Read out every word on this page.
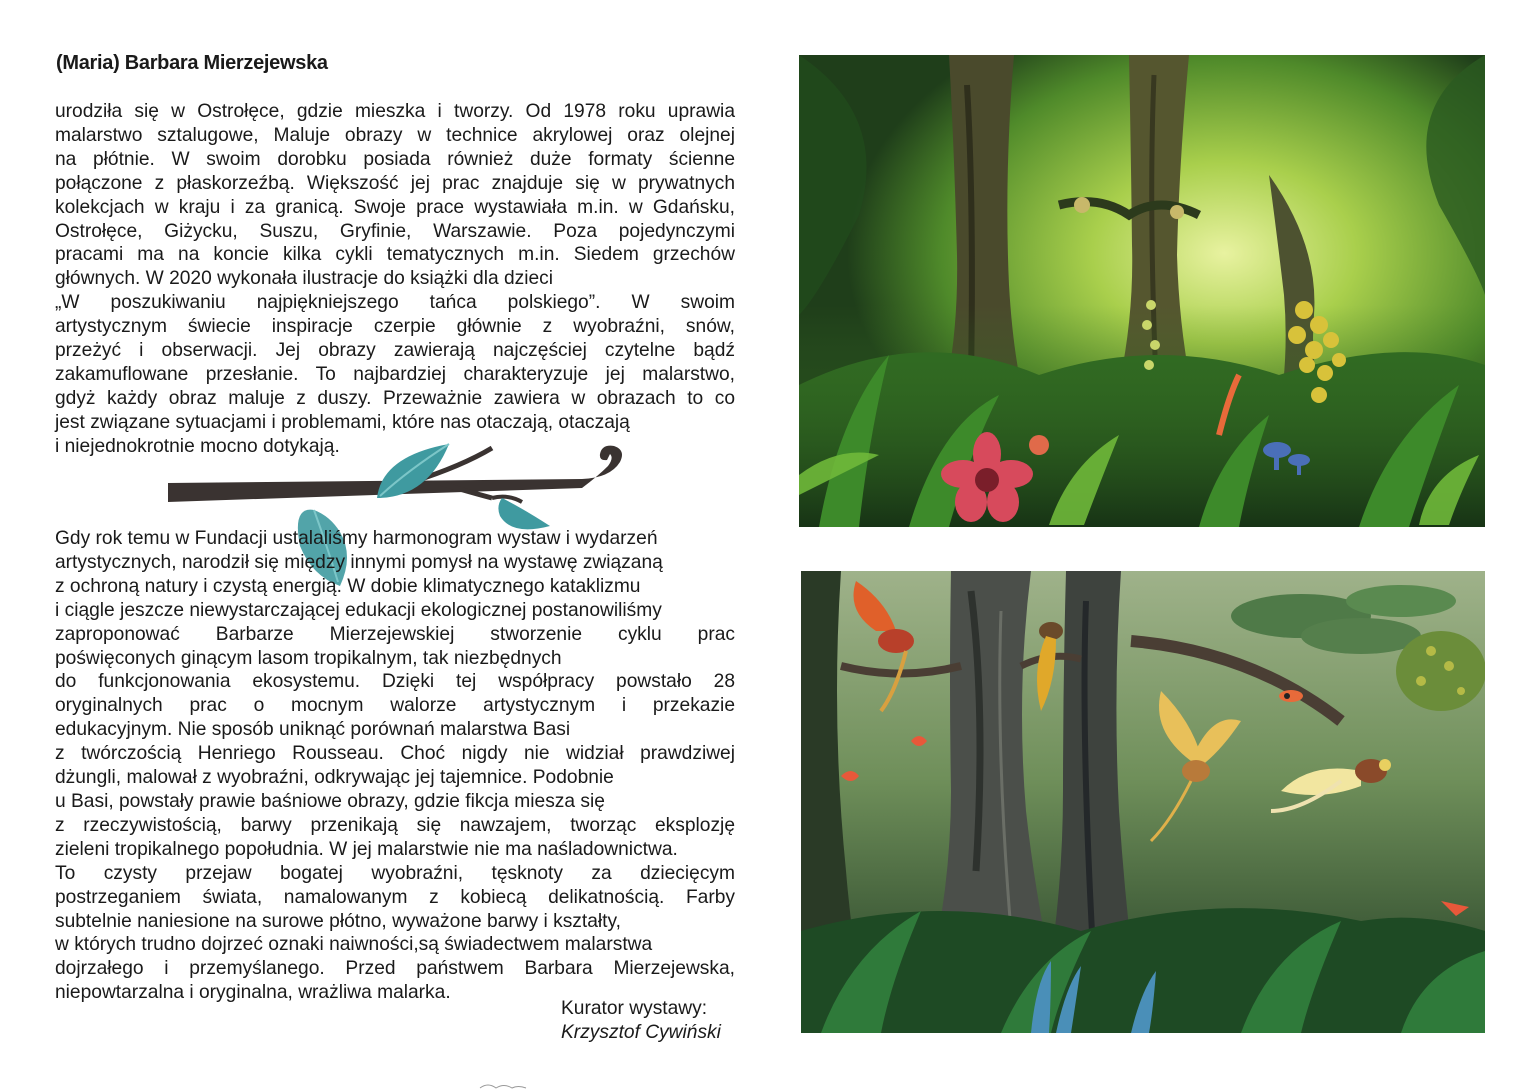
(Maria) Barbara Mierzejewska
urodziła się w Ostrołęce, gdzie mieszka i tworzy. Od 1978 roku uprawia
malarstwo sztalugowe, Maluje obrazy w technice akrylowej oraz olejnej
na płótnie. W swoim dorobku posiada również duże formaty ścienne
połączone z płaskorzeźbą. Większość jej prac znajduje się w prywatnych
kolekcjach w kraju i za granicą. Swoje prace wystawiała m.in. w Gdańsku,
Ostrołęce, Giżycku, Suszu, Gryfinie, Warszawie. Poza pojedynczymi
pracami ma na koncie kilka cykli tematycznych m.in. Siedem grzechów
głównych. W 2020 wykonała ilustracje do książki dla dzieci
„W poszukiwaniu najpiękniejszego tańca polskiego”. W swoim
artystycznym świecie inspiracje czerpie głównie z wyobraźni, snów,
przeżyć i obserwacji. Jej obrazy zawierają najczęściej czytelne bądź
zakamuflowane przesłanie. To najbardziej charakteryzuje jej malarstwo,
gdyż każdy obraz maluje z duszy. Przeważnie zawiera w obrazach to co
jest związane sytuacjami i problemami, które nas otaczają, otaczają
i niejednokrotnie mocno dotykają.
Gdy rok temu w Fundacji ustalaliśmy harmonogram wystaw i wydarzeń
artystycznych, narodził się między innymi pomysł na wystawę związaną
z ochroną natury i czystą energią. W dobie klimatycznego kataklizmu
i ciągle jeszcze niewystarczającej edukacji ekologicznej postanowiliśmy
zaproponować Barbarze Mierzejewskiej stworzenie cyklu prac
poświęconych ginącym lasom tropikalnym, tak niezbędnych
do funkcjonowania ekosystemu. Dzięki tej współpracy powstało 28
oryginalnych prac o mocnym walorze artystycznym i przekazie
edukacyjnym. Nie sposób uniknąć porównań malarstwa Basi
z twórczością Henriego Rousseau. Choć nigdy nie widział prawdziwej
dżungli, malował z wyobraźni, odkrywając jej tajemnice. Podobnie
u Basi, powstały prawie baśniowe obrazy, gdzie fikcja miesza się
z rzeczywistością, barwy przenikają się nawzajem, tworząc eksplozję
zieleni tropikalnego popołudnia. W jej malarstwie nie ma naśladownictwa.
To czysty przejaw bogatej wyobraźni, tęsknoty za dziecięcym
postrzeganiem świata, namalowanym z kobiecą delikatnością. Farby
subtelnie naniesione na surowe płótno, wyważone barwy i kształty,
w których trudno dojrzeć oznaki naiwności,są świadectwem malarstwa
dojrzałego i przemyślanego. Przed państwem Barbara Mierzejewska,
niepowtarzalna i oryginalna, wrażliwa malarka.
Kurator wystawy:
Krzysztof Cywiński
